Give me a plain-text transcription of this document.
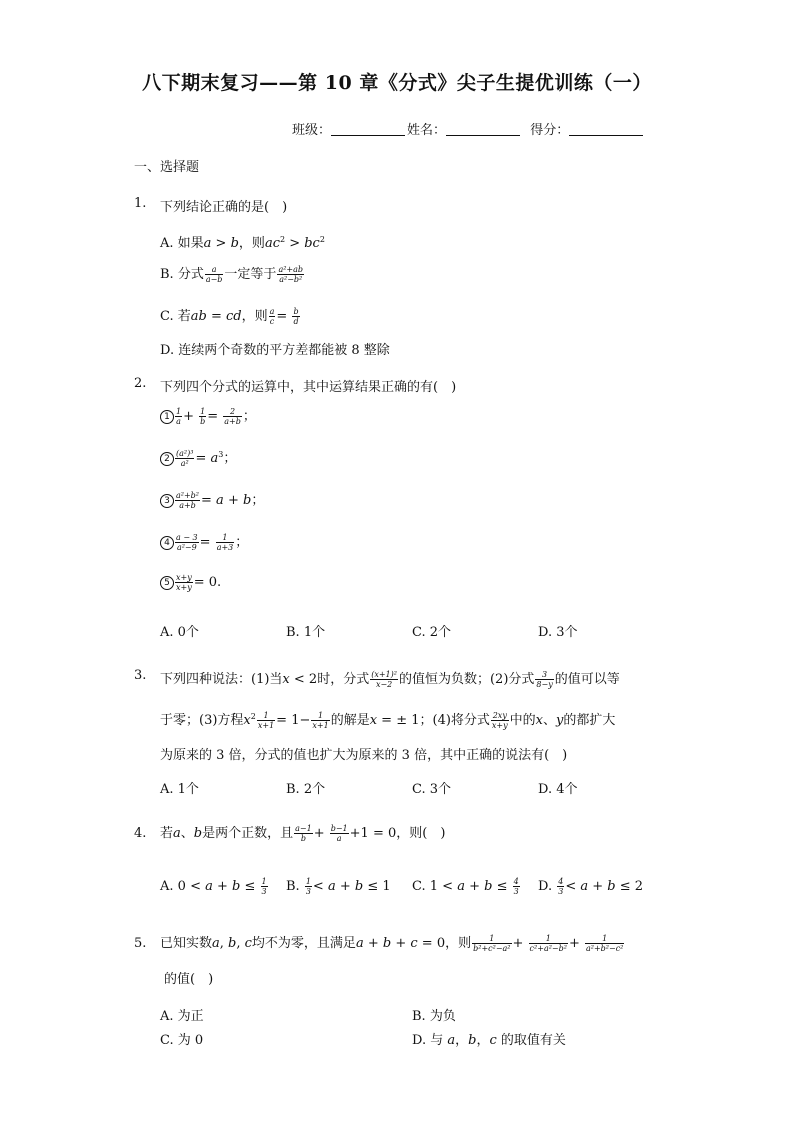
八下期末复习——第 10 章《分式》尖子生提优训练（一）
班级：	姓名：	得分：
一、选择题
1. 下列结论正确的是(　)
A. 如果a > b，则$ac^2 > bc^2$
B. 分式 $\frac{a}{a-b}$ 一定等于 $\frac{\text{a²+ab}}{\text{a²−b²}}$
C. 若ab = cd，则 $\frac{a}{c} = \frac{b}{d}$
D. 连续两个奇数的平方差都能被 8 整除
2. 下列四个分式的运算中，其中运算结果正确的有(　)
$1 \frac{1}{a} + \frac{1}{b} = \frac{2}{a+b}$ ；
$2 \frac{\text{(a²)³}}{\text{a²}} = a^3$；
$3 \frac{\text{a²+b²}}{a+b} = a + b$；
$4 \frac{a - 3}{\text{a²−9}} = \frac{1}{a+3}$ ；
$5 \frac{x+y}{x+y} = 0$.
A. 0个	B. 1个	C. 2个	D. 3个
3. 下列四种说法：(1)当x < 2时，分式 $\frac{\text{(x+1)²}}{x-2}$ 的值恒为负数；(2)分式 $\frac{3}{8-y}$ 的值可以等
于零；(3)方程$x^2 \frac{1}{x+1} = 1- \frac{1}{x+1}$ 的解是x = ± 1；(4)将分式 $\frac{2xy}{x+y}$ 中的x、y的都扩大
为原来的 3 倍，分式的值也扩大为原来的 3 倍，其中正确的说法有(　)
A. 1个	B. 2个	C. 3个	D. 4个
4. 若a、b是两个正数，且 $\frac{a-1}{b} + \frac{b-1}{a} +1 = 0$，则(　)
A. $0 < a + b \le \frac{1}{3} B$. $\frac{1}{3} < a + b \le 1$ C. $1 < a + b \le \frac{4}{3} D$. $\frac{4}{3} < a + b \le 2$
5. 已知实数a, b, c均不为零，且满足a + b + c = 0，则 $\frac{1}{\text{b²+c²−a²}} + \frac{1}{\text{c²+a²−b²}} + \frac{1}{\text{a²+b²−c²}}$
的值(　)
A. 为正	B. 为负
C. 为 0	D. 与 a，b，c 的取值有关
